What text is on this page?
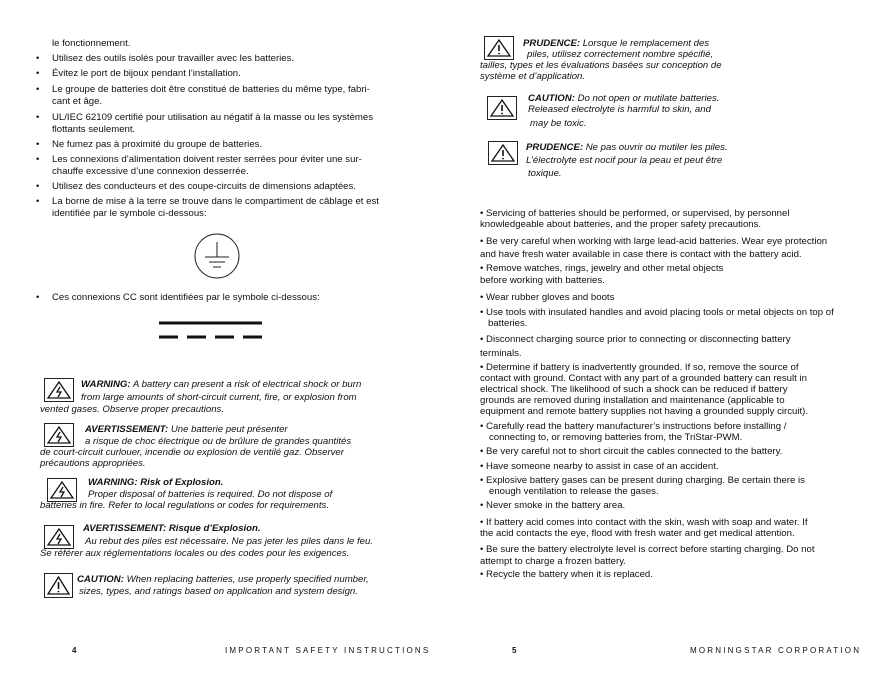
le fonctionnement.
• Utilisez des outils isolés pour travailler avec les batteries.
• Évitez le port de bijoux pendant l’installation.
• Le groupe de batteries doit être constitué de batteries du même type, fabri-
cant et âge.
• UL/IEC 62109 certifié pour utilisation au négatif à la masse ou les systèmes
flottants seulement.
• Ne fumez pas à proximité du groupe de batteries.
• Les connexions d’alimentation doivent rester serrées pour éviter une sur-
chauffe excessive d’une connexion desserrée.
• Utilisez des conducteurs et des coupe-circuits de dimensions adaptées.
• La borne de mise à la terre se trouve dans le compartiment de câblage et est
identifiée par le symbole ci-dessous:
• Ces connexions CC sont identifiées par le symbole ci-dessous:
WARNING: A battery can present a risk of electrical shock or burn
from large amounts of short-circuit current, fire, or explosion from
vented gases. Observe proper precautions.
AVERTISSEMENT: Une batterie peut présenter
a risque de choc électrique ou de brûlure de grandes quantités
de court-circuit curlouer, incendie ou explosion de ventilé gaz. Observer
précautions appropriées.
WARNING: Risk of Explosion.
Proper disposal of batteries is required. Do not dispose of
batteries in fire. Refer to local regulations or codes for requirements.
AVERTISSEMENT: Risque d’Explosion.
Au rebut des piles est nécessaire. Ne pas jeter les piles dans le feu.
Se référer aux réglementations locales ou des codes pour les exigences.
CAUTION: When replacing batteries, use properly specified number,
sizes, types, and ratings based on application and system design.
4	IMPORTANT SAFETY INSTRUCTIONS
PRUDENCE: Lorsque le remplacement des
piles, utilisez correctement nombre spécifié,
tailles, types et les évaluations basées sur conception de
système et d’application.
CAUTION: Do not open or mutilate batteries.
Released electrolyte is harmful to skin, and
may be toxic.
PRUDENCE: Ne pas ouvrir ou mutiler les piles.
L’électrolyte est nocif pour la peau et peut être
toxique.
• Servicing of batteries should be performed, or supervised, by personnel
knowledgeable about batteries, and the proper safety precautions.
• Be very careful when working with large lead-acid batteries. Wear eye protection
and have fresh water available in case there is contact with the battery acid.
• Remove watches, rings, jewelry and other metal objects
before working with batteries.
• Wear rubber gloves and boots
• Use tools with insulated handles and avoid placing tools or metal objects on top of
batteries.
• Disconnect charging source prior to connecting or disconnecting battery
terminals.
• Determine if battery is inadvertently grounded. If so, remove the source of
contact with ground. Contact with any part of a grounded battery can result in
electrical shock. The likelihood of such a shock can be reduced if battery
grounds are removed during installation and maintenance (applicable to
equipment and remote battery supplies not having a grounded supply circuit).
• Carefully read the battery manufacturer’s instructions before installing /
connecting to, or removing batteries from, the TriStar-PWM.
• Be very careful not to short circuit the cables connected to the battery.
• Have someone nearby to assist in case of an accident.
• Explosive battery gases can be present during charging. Be certain there is
enough ventilation to release the gases.
• Never smoke in the battery area.
• If battery acid comes into contact with the skin, wash with soap and water. If
the acid contacts the eye, flood with fresh water and get medical attention.
• Be sure the battery electrolyte level is correct before starting charging. Do not
attempt to charge a frozen battery.
• Recycle the battery when it is replaced.
5	MORNINGSTAR CORPORATION
